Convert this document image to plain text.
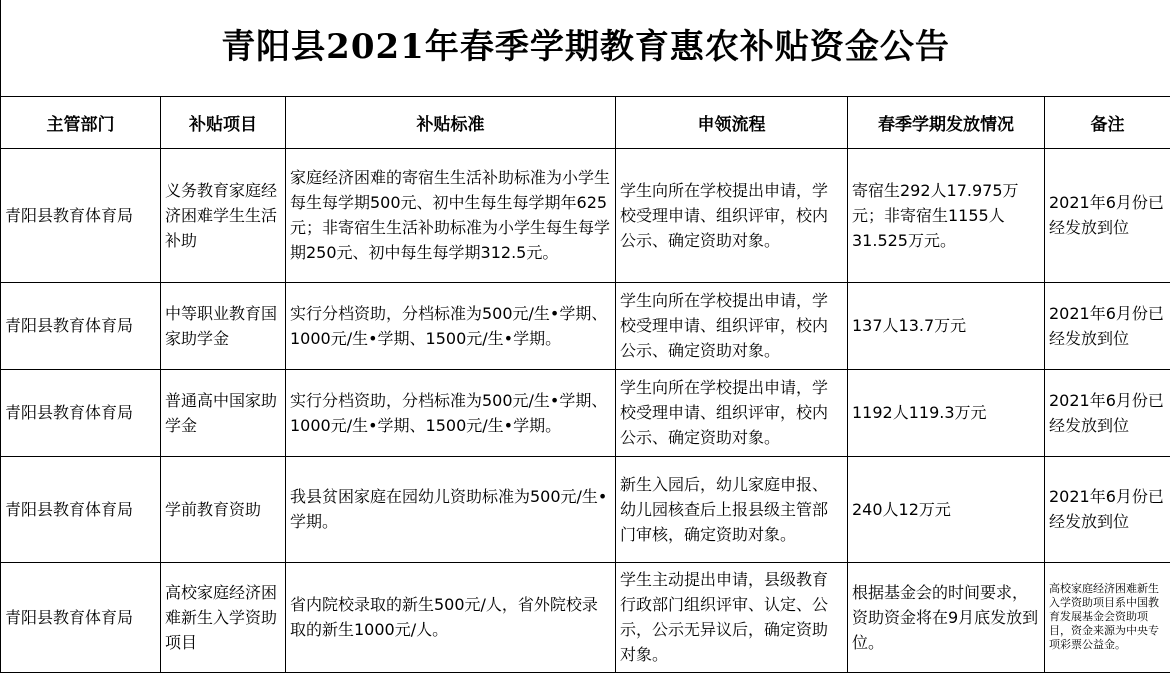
青阳县2021年春季学期教育惠农补贴资金公告					
主管部门	补贴项目	补贴标准	申领流程	春季学期发放情况	备注
青阳县教育体育局	义务教育家庭经济困难学生生活补助	家庭经济困难的寄宿生生活补助标准为小学生每生每学期500元、初中生每生每学期年625元；非寄宿生生活补助标准为小学生每生每学期250元、初中每生每学期312.5元。	学生向所在学校提出申请，学校受理申请、组织评审，校内公示、确定资助对象。	寄宿生292人17.975万元；非寄宿生1155人31.525万元。	2021年6月份已经发放到位
青阳县教育体育局	中等职业教育国家助学金	实行分档资助，分档标准为500元/生•学期、1000元/生•学期、1500元/生•学期。	学生向所在学校提出申请，学校受理申请、组织评审，校内公示、确定资助对象。	137人13.7万元	2021年6月份已经发放到位
青阳县教育体育局	普通高中国家助学金	实行分档资助，分档标准为500元/生•学期、1000元/生•学期、1500元/生•学期。	学生向所在学校提出申请，学校受理申请、组织评审，校内公示、确定资助对象。	1192人119.3万元	2021年6月份已经发放到位
青阳县教育体育局	学前教育资助	我县贫困家庭在园幼儿资助标准为500元/生•学期。	新生入园后，幼儿家庭申报、幼儿园核查后上报县级主管部门审核，确定资助对象。	240人12万元	2021年6月份已经发放到位
青阳县教育体育局	高校家庭经济困难新生入学资助项目	省内院校录取的新生500元/人，省外院校录取的新生1000元/人。	学生主动提出申请，县级教育行政部门组织评审、认定、公示，公示无异议后，确定资助对象。	根据基金会的时间要求，资助资金将在9月底发放到位。	高校家庭经济困难新生入学资助项目系中国教育发展基金会资助项目，资金来源为中央专项彩票公益金。
